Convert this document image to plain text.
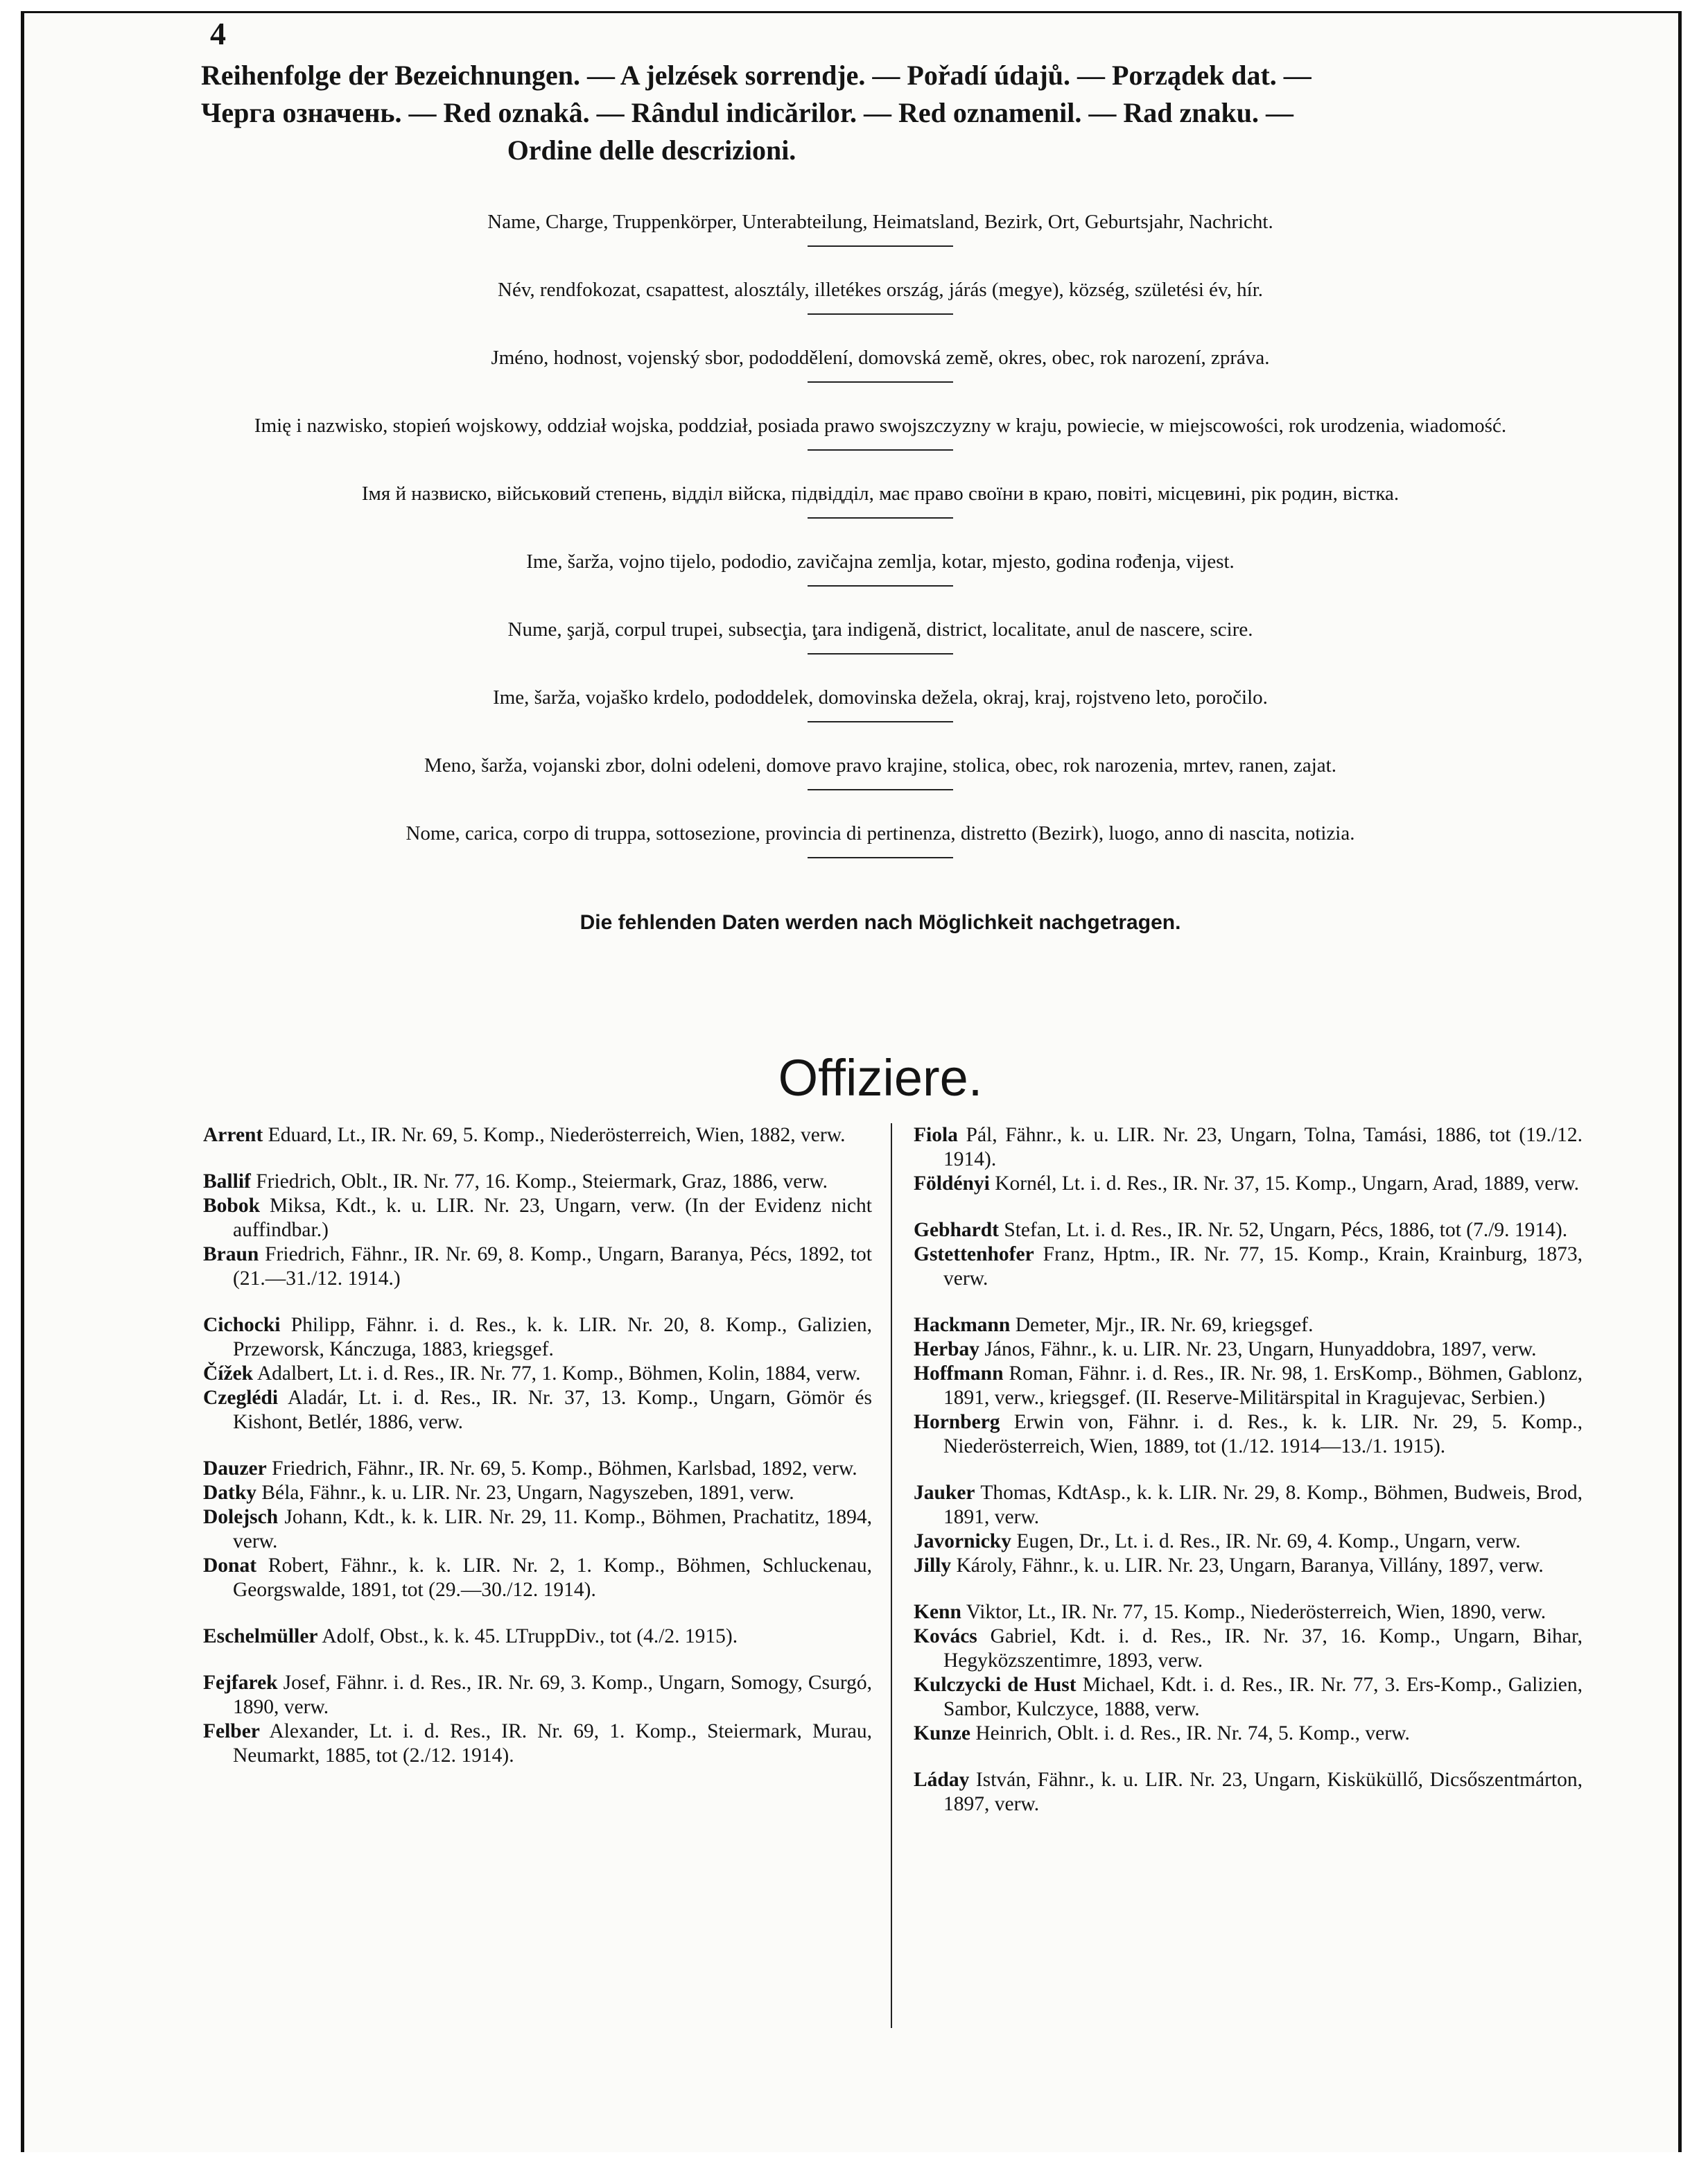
4
Reihenfolge der Bezeichnungen. — A jelzések sorrendje. — Pořadí údajů. — Porządek dat. —
Черга означень. — Red oznakâ. — Rândul indicărilor. — Red oznamenil. — Rad znaku. —
Ordine delle descrizioni.
Name, Charge, Truppenkörper, Unterabteilung, Heimatsland, Bezirk, Ort, Geburtsjahr, Nachricht.
Név, rendfokozat, csapattest, alosztály, illetékes ország, járás (megye), község, születési év, hír.
Jméno, hodnost, vojenský sbor, pododdělení, domovská země, okres, obec, rok narození, zpráva.
Imię i nazwisko, stopień wojskowy, oddział wojska, poddział, posiada prawo swojszczyzny w kraju, powiecie, w miejscowości, rok urodzenia, wiadomość.
Імя й назвиско, військовий степень, відділ війска, підвідділ, має право своїни в краю, повіті, місцевині, рік родин, вістка.
Ime, šarža, vojno tijelo, pododio, zavičajna zemlja, kotar, mjesto, godina rođenja, vijest.
Nume, şarjă, corpul trupei, subsecţia, ţara indigenă, district, localitate, anul de nascere, scire.
Ime, šarža, vojaško krdelo, pododdelek, domovinska dežela, okraj, kraj, rojstveno leto, poročilo.
Meno, šarža, vojanski zbor, dolni odeleni, domove pravo krajine, stolica, obec, rok narozenia, mrtev, ranen, zajat.
Nome, carica, corpo di truppa, sottosezione, provincia di pertinenza, distretto (Bezirk), luogo, anno di nascita, notizia.
Die fehlenden Daten werden nach Möglichkeit nachgetragen.
Offiziere.

Arrent Eduard, Lt., IR. Nr. 69, 5. Komp., Niederösterreich, Wien, 1882, verw.

Ballif Friedrich, Oblt., IR. Nr. 77, 16. Komp., Steiermark, Graz, 1886, verw.

Bobok Miksa, Kdt., k. u. LIR. Nr. 23, Ungarn, verw. (In der Evidenz nicht auffindbar.)

Braun Friedrich, Fähnr., IR. Nr. 69, 8. Komp., Ungarn, Baranya, Pécs, 1892, tot (21.—31./12. 1914.)

Cichocki Philipp, Fähnr. i. d. Res., k. k. LIR. Nr. 20, 8. Komp., Galizien, Przeworsk, Kánczuga, 1883, kriegsgef.

Čížek Adalbert, Lt. i. d. Res., IR. Nr. 77, 1. Komp., Böhmen, Kolin, 1884, verw.

Czeglédi Aladár, Lt. i. d. Res., IR. Nr. 37, 13. Komp., Ungarn, Gömör és Kishont, Betlér, 1886, verw.

Dauzer Friedrich, Fähnr., IR. Nr. 69, 5. Komp., Böhmen, Karlsbad, 1892, verw.

Datky Béla, Fähnr., k. u. LIR. Nr. 23, Ungarn, Nagyszeben, 1891, verw.

Dolejsch Johann, Kdt., k. k. LIR. Nr. 29, 11. Komp., Böhmen, Prachatitz, 1894, verw.

Donat Robert, Fähnr., k. k. LIR. Nr. 2, 1. Komp., Böhmen, Schluckenau, Georgswalde, 1891, tot (29.—30./12. 1914).

Eschelmüller Adolf, Obst., k. k. 45. LTruppDiv., tot (4./2. 1915).

Fejfarek Josef, Fähnr. i. d. Res., IR. Nr. 69, 3. Komp., Ungarn, Somogy, Csurgó, 1890, verw.

Felber Alexander, Lt. i. d. Res., IR. Nr. 69, 1. Komp., Steiermark, Murau, Neumarkt, 1885, tot (2./12. 1914).

Fiola Pál, Fähnr., k. u. LIR. Nr. 23, Ungarn, Tolna, Tamási, 1886, tot (19./12. 1914).

Földényi Kornél, Lt. i. d. Res., IR. Nr. 37, 15. Komp., Ungarn, Arad, 1889, verw.

Gebhardt Stefan, Lt. i. d. Res., IR. Nr. 52, Ungarn, Pécs, 1886, tot (7./9. 1914).

Gstettenhofer Franz, Hptm., IR. Nr. 77, 15. Komp., Krain, Krainburg, 1873, verw.

Hackmann Demeter, Mjr., IR. Nr. 69, kriegsgef.

Herbay János, Fähnr., k. u. LIR. Nr. 23, Ungarn, Hunyaddobra, 1897, verw.

Hoffmann Roman, Fähnr. i. d. Res., IR. Nr. 98, 1. ErsKomp., Böhmen, Gablonz, 1891, verw., kriegsgef. (II. Reserve-Militärspital in Kragujevac, Serbien.)

Hornberg Erwin von, Fähnr. i. d. Res., k. k. LIR. Nr. 29, 5. Komp., Niederösterreich, Wien, 1889, tot (1./12. 1914—13./1. 1915).

Jauker Thomas, KdtAsp., k. k. LIR. Nr. 29, 8. Komp., Böhmen, Budweis, Brod, 1891, verw.

Javornicky Eugen, Dr., Lt. i. d. Res., IR. Nr. 69, 4. Komp., Ungarn, verw.

Jilly Károly, Fähnr., k. u. LIR. Nr. 23, Ungarn, Baranya, Villány, 1897, verw.

Kenn Viktor, Lt., IR. Nr. 77, 15. Komp., Niederösterreich, Wien, 1890, verw.

Kovács Gabriel, Kdt. i. d. Res., IR. Nr. 37, 16. Komp., Ungarn, Bihar, Hegyközszentimre, 1893, verw.

Kulczycki de Hust Michael, Kdt. i. d. Res., IR. Nr. 77, 3. Ers-Komp., Galizien, Sambor, Kulczyce, 1888, verw.

Kunze Heinrich, Oblt. i. d. Res., IR. Nr. 74, 5. Komp., verw.

Láday István, Fähnr., k. u. LIR. Nr. 23, Ungarn, Kisküküllő, Dicsőszentmárton, 1897, verw.
